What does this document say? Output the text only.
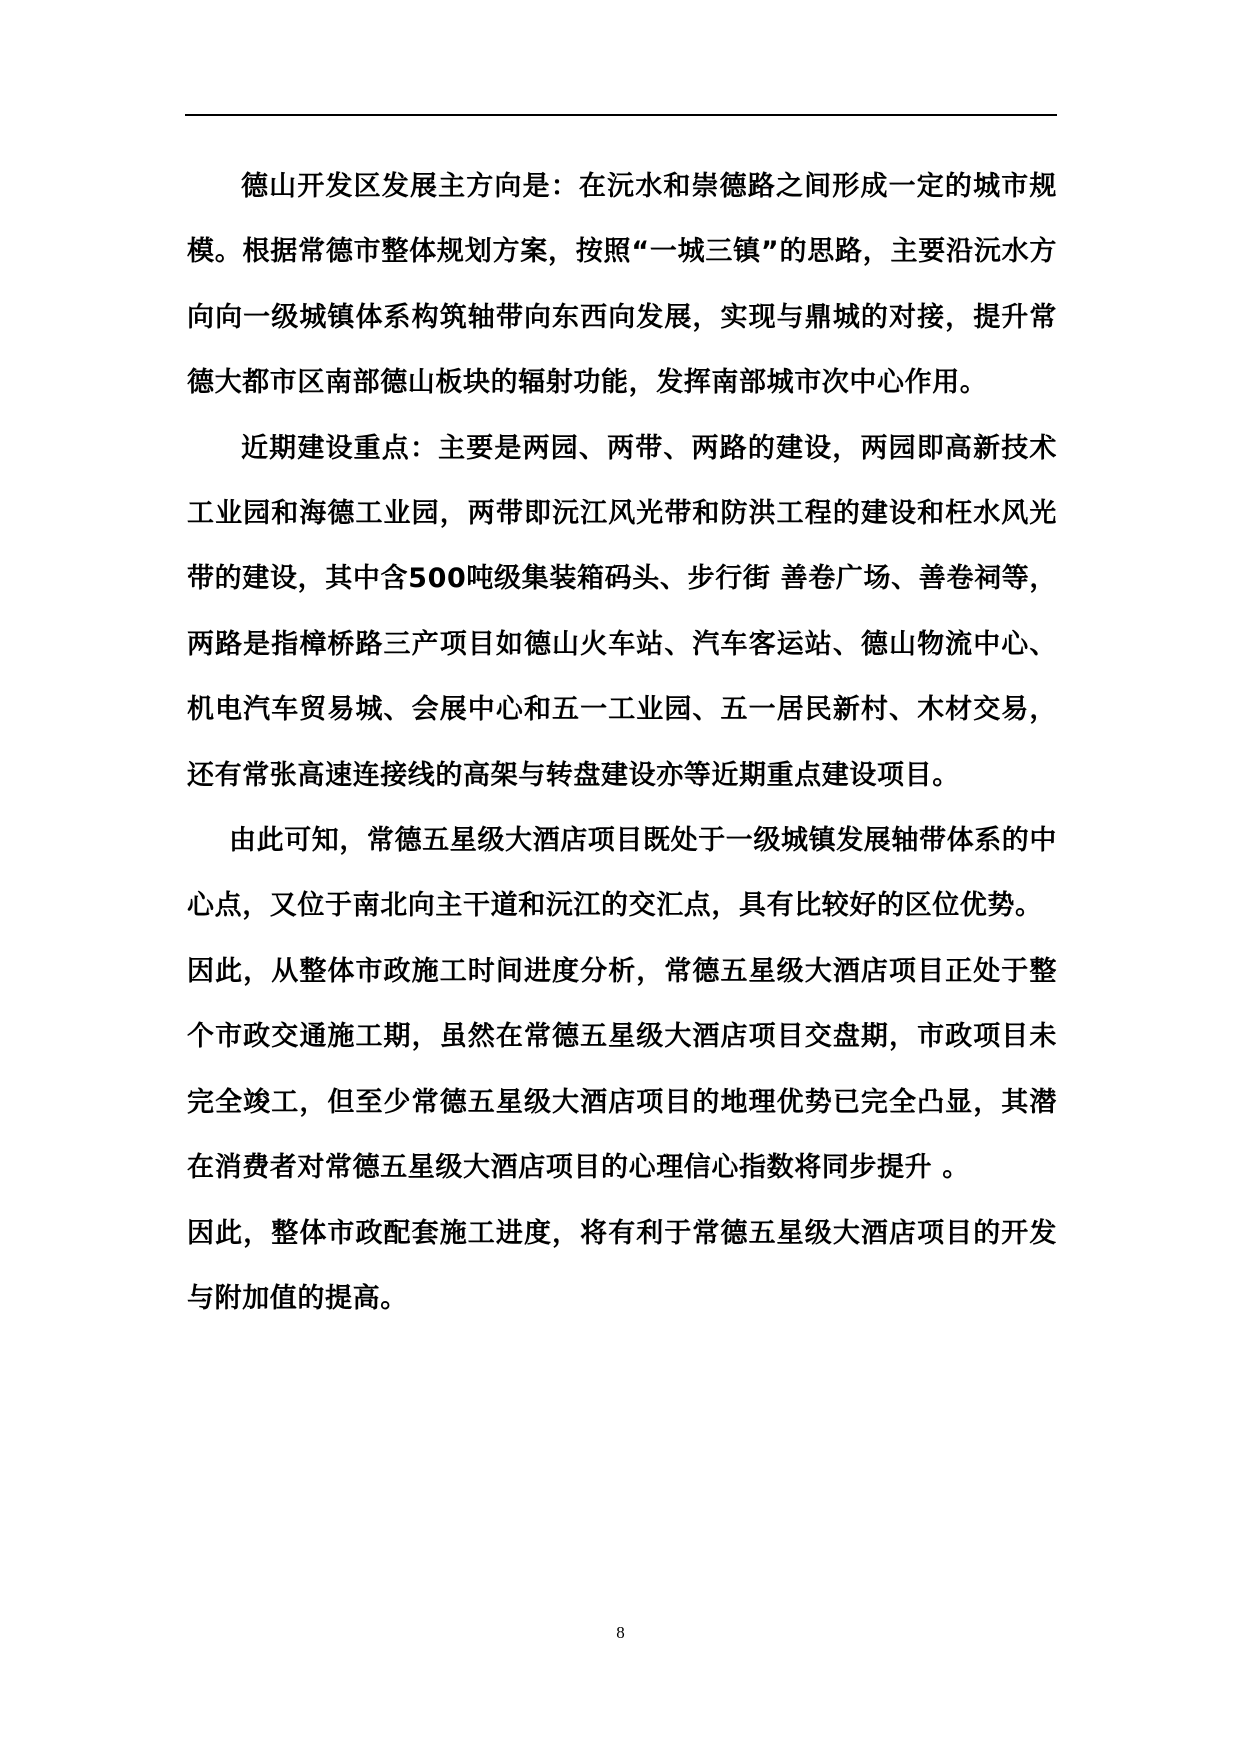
德山开发区发展主方向是：在沅水和崇德路之间形成一定的城市规模。根据常德市整体规划方案，按照“一城三镇”的思路，主要沿沅水方向向一级城镇体系构筑轴带向东西向发展，实现与鼎城的对接，提升常德大都市区南部德山板块的辐射功能，发挥南部城市次中心作用。

近期建设重点：主要是两园、两带、两路的建设，两园即高新技术工业园和海德工业园，两带即沅江风光带和防洪工程的建设和枉水风光带的建设，其中含500吨级集装箱码头、步行街 善卷广场、善卷祠等，两路是指樟桥路三产项目如德山火车站、汽车客运站、德山物流中心、机电汽车贸易城、会展中心和五一工业园、五一居民新村、木材交易，还有常张高速连接线的高架与转盘建设亦等近期重点建设项目。

由此可知，常德五星级大酒店项目既处于一级城镇发展轴带体系的中心点，又位于南北向主干道和沅江的交汇点，具有比较好的区位优势。

因此，从整体市政施工时间进度分析，常德五星级大酒店项目正处于整个市政交通施工期，虽然在常德五星级大酒店项目交盘期，市政项目未完全竣工，但至少常德五星级大酒店项目的地理优势已完全凸显，其潜在消费者对常德五星级大酒店项目的心理信心指数将同步提升 。

因此，整体市政配套施工进度，将有利于常德五星级大酒店项目的开发与附加值的提高。

8
